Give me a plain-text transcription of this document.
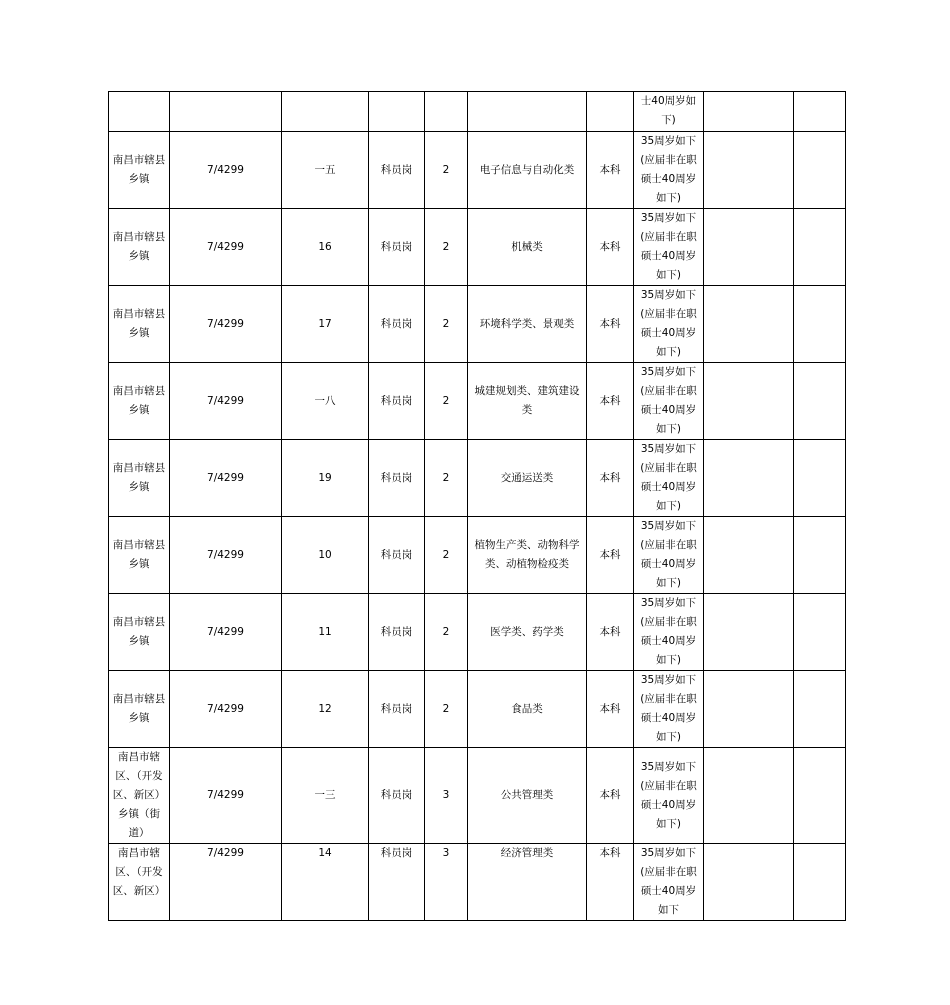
							士40周岁如下)		

南昌市辖县乡镇	7/4299	一五	科员岗	2	电子信息与自动化类	本科	35周岁如下(应届非在职硕士40周岁如下)		

南昌市辖县乡镇	7/4299	16	科员岗	2	机械类	本科	35周岁如下(应届非在职硕士40周岁如下)		

南昌市辖县乡镇	7/4299	17	科员岗	2	环境科学类、景观类	本科	35周岁如下(应届非在职硕士40周岁如下)		

南昌市辖县乡镇	7/4299	一八	科员岗	2	城建规划类、建筑建设类	本科	35周岁如下(应届非在职硕士40周岁如下)		

南昌市辖县乡镇	7/4299	19	科员岗	2	交通运送类	本科	35周岁如下(应届非在职硕士40周岁如下)		

南昌市辖县乡镇	7/4299	10	科员岗	2	植物生产类、动物科学类、动植物检疫类	本科	35周岁如下(应届非在职硕士40周岁如下)		

南昌市辖县乡镇	7/4299	11	科员岗	2	医学类、药学类	本科	35周岁如下(应届非在职硕士40周岁如下)		

南昌市辖县乡镇	7/4299	12	科员岗	2	食品类	本科	35周岁如下(应届非在职硕士40周岁如下)		

南昌市辖区、（开发区、新区）乡镇（街道）	7/4299	一三	科员岗	3	公共管理类	本科	35周岁如下(应届非在职硕士40周岁如下)		

南昌市辖区、（开发区、新区）	7/4299	14	科员岗	3	经济管理类	本科	35周岁如下(应届非在职硕士40周岁如下		
